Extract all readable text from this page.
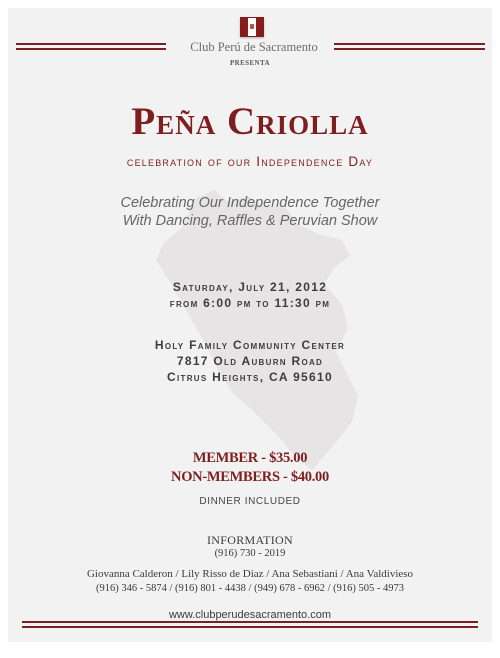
Club Perú de Sacramento
PRESENTA
Peña Criolla
celebration of our Independence Day
Celebrating Our Independence Together
With Dancing, Raffles & Peruvian Show
Saturday, July 21, 2012
from 6:00 pm to 11:30 pm
Holy Family Community Center
7817 Old Auburn Road
Citrus Heights, CA 95610
MEMBER - $35.00
NON-MEMBERS - $40.00
DINNER INCLUDED
INFORMATION
(916) 730 - 2019
Giovanna Calderon / Lily Risso de Diaz / Ana Sebastiani / Ana Valdivieso
(916) 346 - 5874 / (916) 801 - 4438 / (949) 678 - 6962 / (916) 505 - 4973
www.clubperudesacramento.com
